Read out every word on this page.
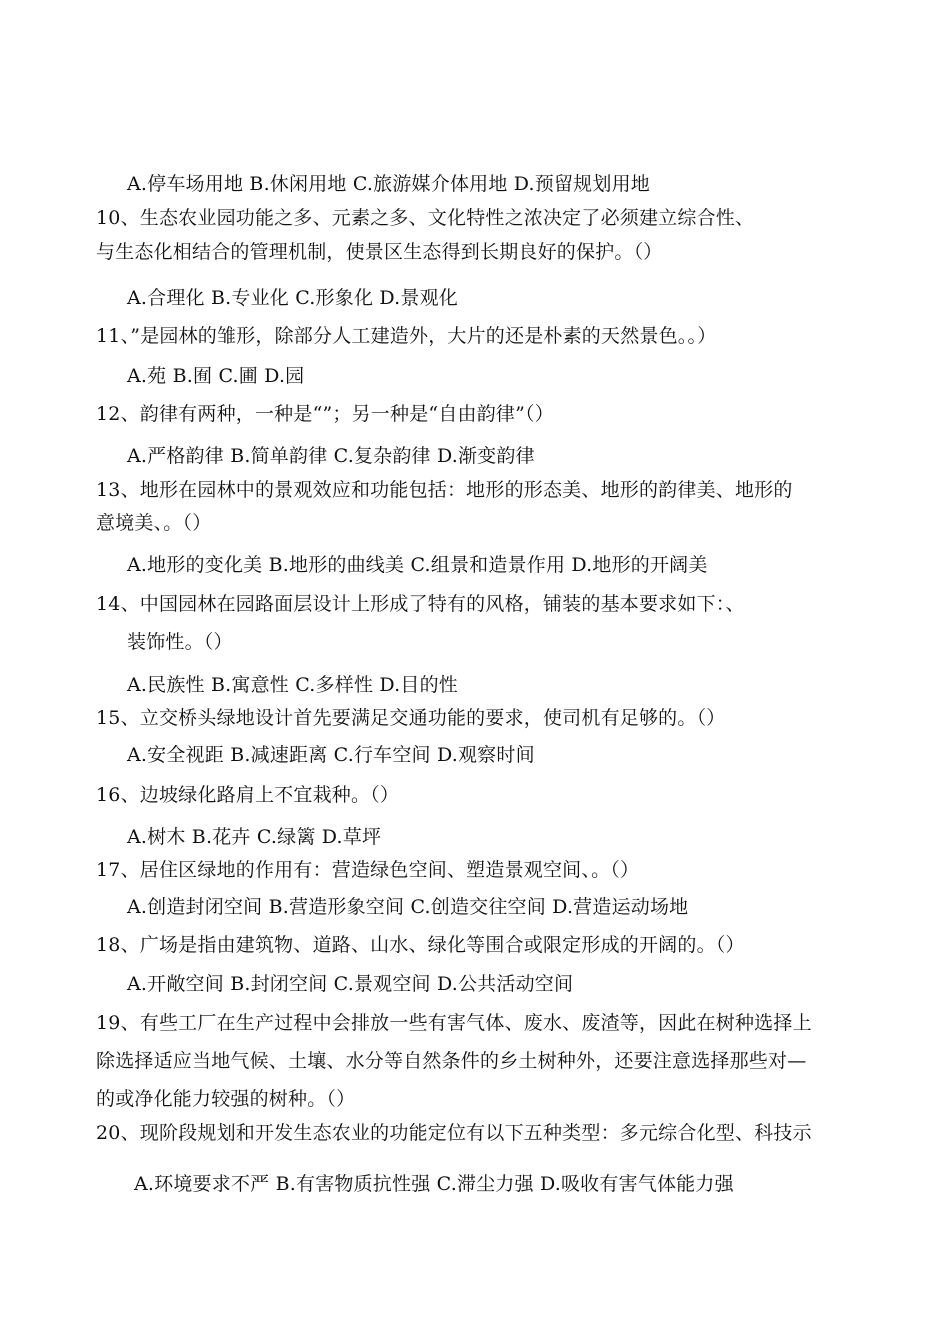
A.停车场用地 B.休闲用地 C.旅游媒介体用地 D.预留规划用地
10、生态农业园功能之多、元素之多、文化特性之浓决定了必须建立综合性、
与生态化相结合的管理机制，使景区生态得到长期良好的保护。（）
A.合理化 B.专业化 C.形象化 D.景观化
11、”是园林的雏形，除部分人工建造外，大片的还是朴素的天然景色。。）
A.苑 B.囿 C.圃 D.园
12、韵律有两种，一种是“”；另一种是“自由韵律”（）
A.严格韵律 B.简单韵律 C.复杂韵律 D.渐变韵律
13、地形在园林中的景观效应和功能包括：地形的形态美、地形的韵律美、地形的
意境美、。（）
A.地形的变化美 B.地形的曲线美 C.组景和造景作用 D.地形的开阔美
14、中国园林在园路面层设计上形成了特有的风格，铺装的基本要求如下：、
装饰性。（）
A.民族性 B.寓意性 C.多样性 D.目的性
15、立交桥头绿地设计首先要满足交通功能的要求，使司机有足够的。（）
A.安全视距 B.减速距离 C.行车空间 D.观察时间
16、边坡绿化路肩上不宜栽种。（）
A.树木 B.花卉 C.绿篱 D.草坪
17、居住区绿地的作用有：营造绿色空间、塑造景观空间、。（）
A.创造封闭空间 B.营造形象空间 C.创造交往空间 D.营造运动场地
18、广场是指由建筑物、道路、山水、绿化等围合或限定形成的开阔的。（）
A.开敞空间 B.封闭空间 C.景观空间 D.公共活动空间
19、有些工厂在生产过程中会排放一些有害气体、废水、废渣等，因此在树种选择上
除选择适应当地气候、土壤、水分等自然条件的乡土树种外，还要注意选择那些对—
的或净化能力较强的树种。（）
20、现阶段规划和开发生态农业的功能定位有以下五种类型：多元综合化型、科技示
A.环境要求不严 B.有害物质抗性强 C.滞尘力强 D.吸收有害气体能力强
